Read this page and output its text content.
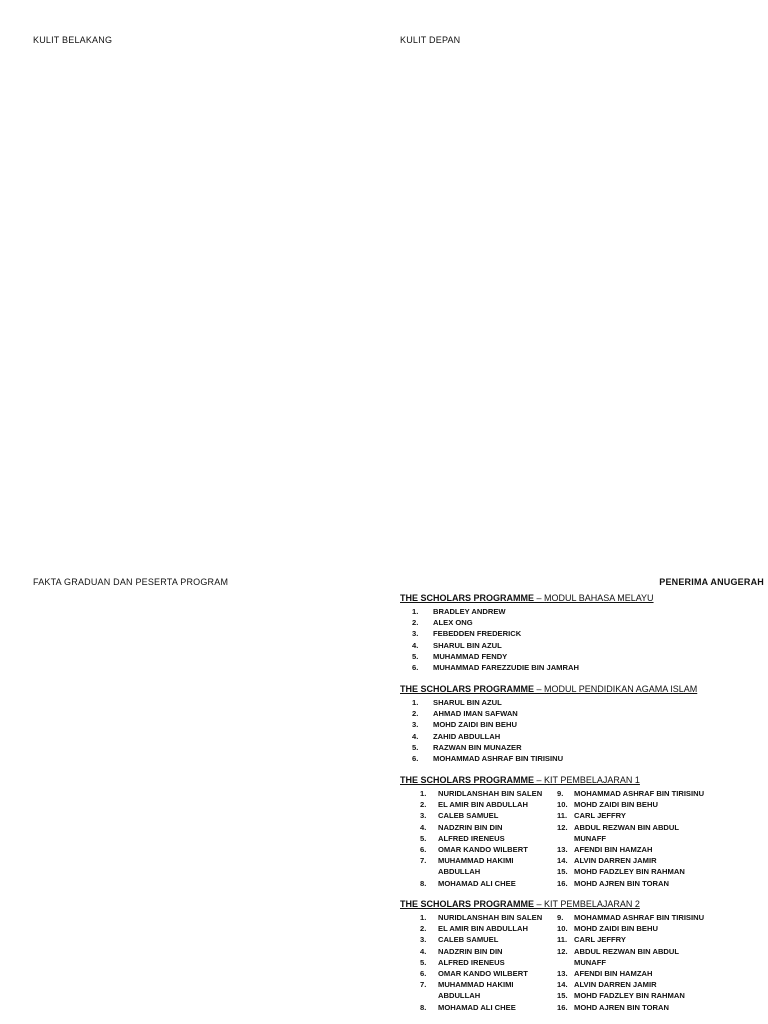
KULIT BELAKANG	KULIT DEPAN
FAKTA GRADUAN DAN PESERTA PROGRAM	PENERIMA ANUGERAH
THE SCHOLARS PROGRAMME – MODUL BAHASA MELAYU
1.	BRADLEY ANDREW
2.	ALEX ONG
3.	FEBEDDEN FREDERICK
4.	SHARUL BIN AZUL
5.	MUHAMMAD FENDY
6.	MUHAMMAD FAREZZUDIE BIN JAMRAH
THE SCHOLARS PROGRAMME – MODUL PENDIDIKAN AGAMA ISLAM
1.	SHARUL BIN AZUL
2.	AHMAD IMAN SAFWAN
3.	MOHD ZAIDI BIN BEHU
4.	ZAHID ABDULLAH
5.	RAZWAN BIN MUNAZER
6.	MOHAMMAD ASHRAF BIN TIRISINU
THE SCHOLARS PROGRAMME – KIT PEMBELAJARAN 1
1.	NURIDLANSHAH BIN SALEN
2.	EL AMIR BIN ABDULLAH
3.	CALEB SAMUEL
4.	NADZRIN BIN DIN
5.	ALFRED IRENEUS
6.	OMAR KANDO WILBERT
7.	MUHAMMAD HAKIMI ABDULLAH
8.	MOHAMAD ALI CHEE
9.	MOHAMMAD ASHRAF BIN TIRISINU
10. MOHD ZAIDI BIN BEHU
11. CARL JEFFRY
12. ABDUL REZWAN BIN ABDUL MUNAFF
13. AFENDI BIN HAMZAH
14. ALVIN DARREN JAMIR
15. MOHD FADZLEY BIN RAHMAN
16. MOHD AJREN BIN TORAN
THE SCHOLARS PROGRAMME – KIT PEMBELAJARAN 2
1.	NURIDLANSHAH BIN SALEN
2.	EL AMIR BIN ABDULLAH
3.	CALEB SAMUEL
4.	NADZRIN BIN DIN
5.	ALFRED IRENEUS
6.	OMAR KANDO WILBERT
7.	MUHAMMAD HAKIMI ABDULLAH
8.	MOHAMAD ALI CHEE
9.	MOHAMMAD ASHRAF BIN TIRISINU
10. MOHD ZAIDI BIN BEHU
11. CARL JEFFRY
12. ABDUL REZWAN BIN ABDUL MUNAFF
13. AFENDI BIN HAMZAH
14. ALVIN DARREN JAMIR
15. MOHD FADZLEY BIN RAHMAN
16. MOHD AJREN BIN TORAN
